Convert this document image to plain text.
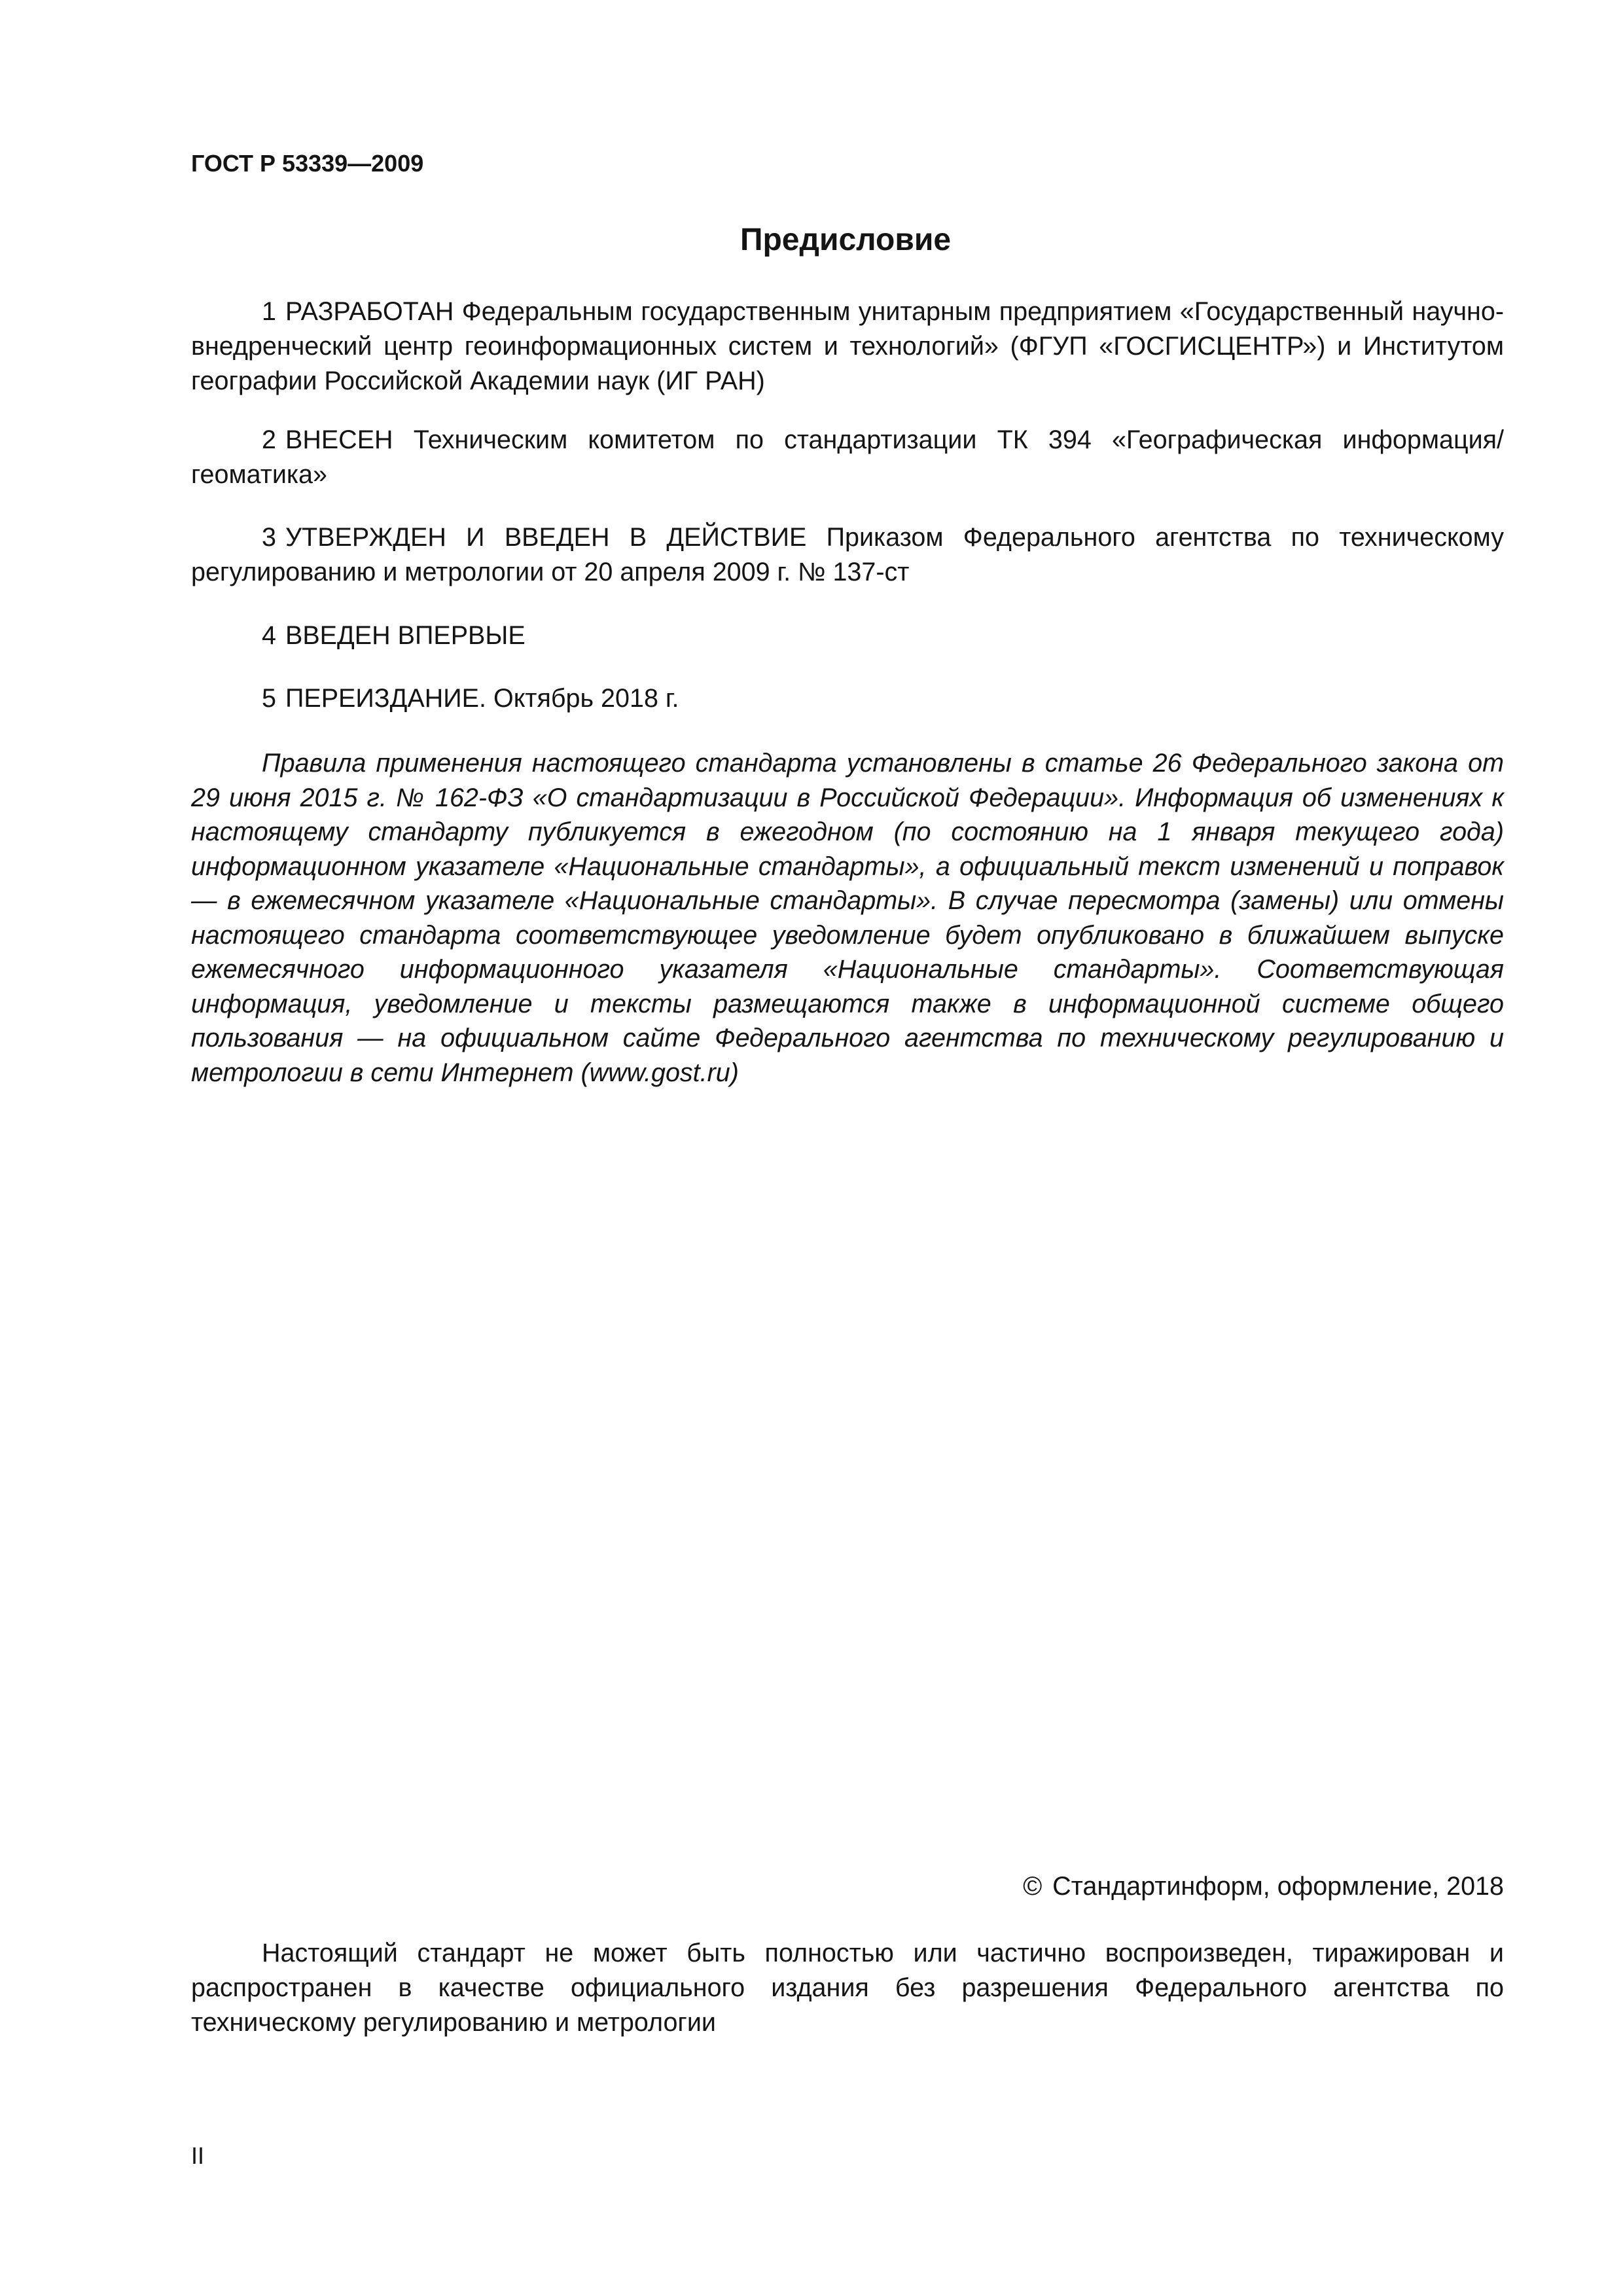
ГОСТ Р 53339—2009
Предисловие

1 РАЗРАБОТАН Федеральным государственным унитарным предприятием «Государственный научно-внедренческий центр геоинформационных систем и технологий» (ФГУП «ГОСГИСЦЕНТР») и Институтом географии Российской Академии наук (ИГ РАН)

2 ВНЕСЕН Техническим комитетом по стандартизации ТК 394 «Географическая информация/геоматика»

3 УТВЕРЖДЕН И ВВЕДЕН В ДЕЙСТВИЕ Приказом Федерального агентства по техническому регулированию и метрологии от 20 апреля 2009 г. № 137-ст

4 ВВЕДЕН ВПЕРВЫЕ

5 ПЕРЕИЗДАНИЕ. Октябрь 2018 г.

Правила применения настоящего стандарта установлены в статье 26 Федерального закона от 29 июня 2015 г. № 162-ФЗ «О стандартизации в Российской Федерации». Информация об изменениях к настоящему стандарту публикуется в ежегодном (по состоянию на 1 января текущего года) информационном указателе «Национальные стандарты», а официальный текст изменений и поправок — в ежемесячном указателе «Национальные стандарты». В случае пересмотра (замены) или отмены настоящего стандарта соответствующее уведомление будет опубликовано в ближайшем выпуске ежемесячного информационного указателя «Национальные стандарты». Соответствующая информация, уведомление и тексты размещаются также в информационной системе общего пользования — на официальном сайте Федерального агентства по техническому регулированию и метрологии в сети Интернет (www.gost.ru)

© Стандартинформ, оформление, 2018

Настоящий стандарт не может быть полностью или частично воспроизведен, тиражирован и распространен в качестве официального издания без разрешения Федерального агентства по техническому регулированию и метрологии

II
